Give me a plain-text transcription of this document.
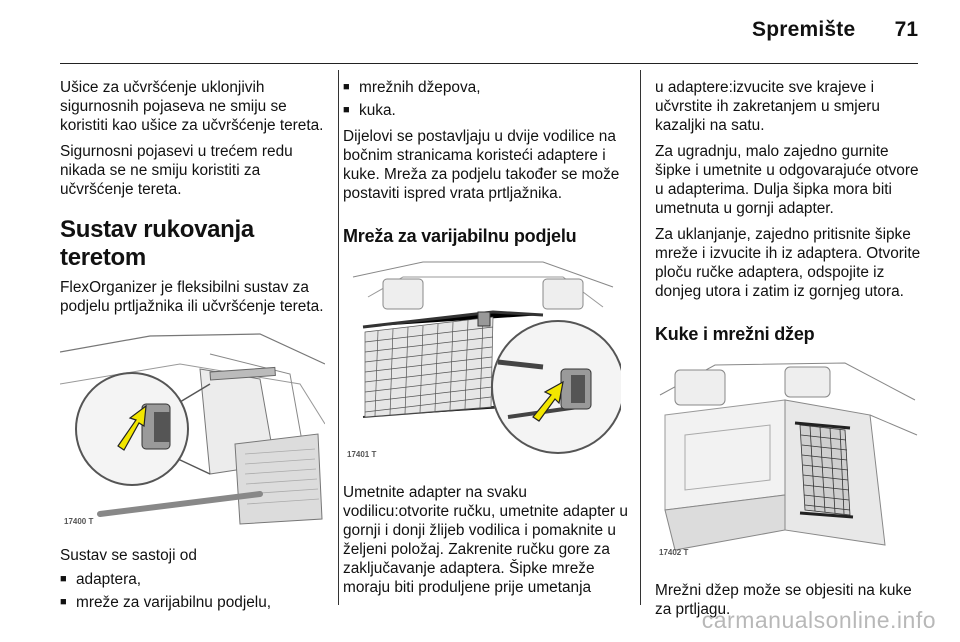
Spremište 71

Ušice za učvršćenje uklonjivih sigurnosnih pojaseva ne smiju se koristiti kao ušice za učvršćenje tereta.

Sigurnosni pojasevi u trećem redu nikada se ne smiju koristiti za učvršćenje tereta.

Sustav rukovanja teretom

FlexOrganizer je fleksibilni sustav za podjelu prtljažnika ili učvršćenje tereta.

17400 T

Sustav se sastoji od

■ adaptera,
■ mreže za varijabilnu podjelu,
■ mrežnih džepova,
■ kuka.

Dijelovi se postavljaju u dvije vodilice na bočnim stranicama koristeći adaptere i kuke. Mreža za podjelu također se može postaviti ispred vrata prtljažnika.

Mreža za varijabilnu podjelu
17401 T

Umetnite adapter na svaku vodilicu:otvorite ručku, umetnite adapter u gornji i donji žlijeb vodilica i pomaknite u željeni položaj. Zakrenite ručku gore za zaključavanje adaptera. Šipke mreže moraju biti produljene prije umetanja

u adaptere:izvucite sve krajeve i učvrstite ih zakretanjem u smjeru kazaljki na satu.

Za ugradnju, malo zajedno gurnite šipke i umetnite u odgovarajuće otvore u adapterima. Dulja šipka mora biti umetnuta u gornji adapter.

Za uklanjanje, zajedno pritisnite šipke mreže i izvucite ih iz adaptera. Otvorite ploču ručke adaptera, odspojite iz donjeg utora i zatim iz gornjeg utora.

Kuke i mrežni džep
17402 T

Mrežni džep može se objesiti na kuke za prtljagu.

carmanualsonline.info
